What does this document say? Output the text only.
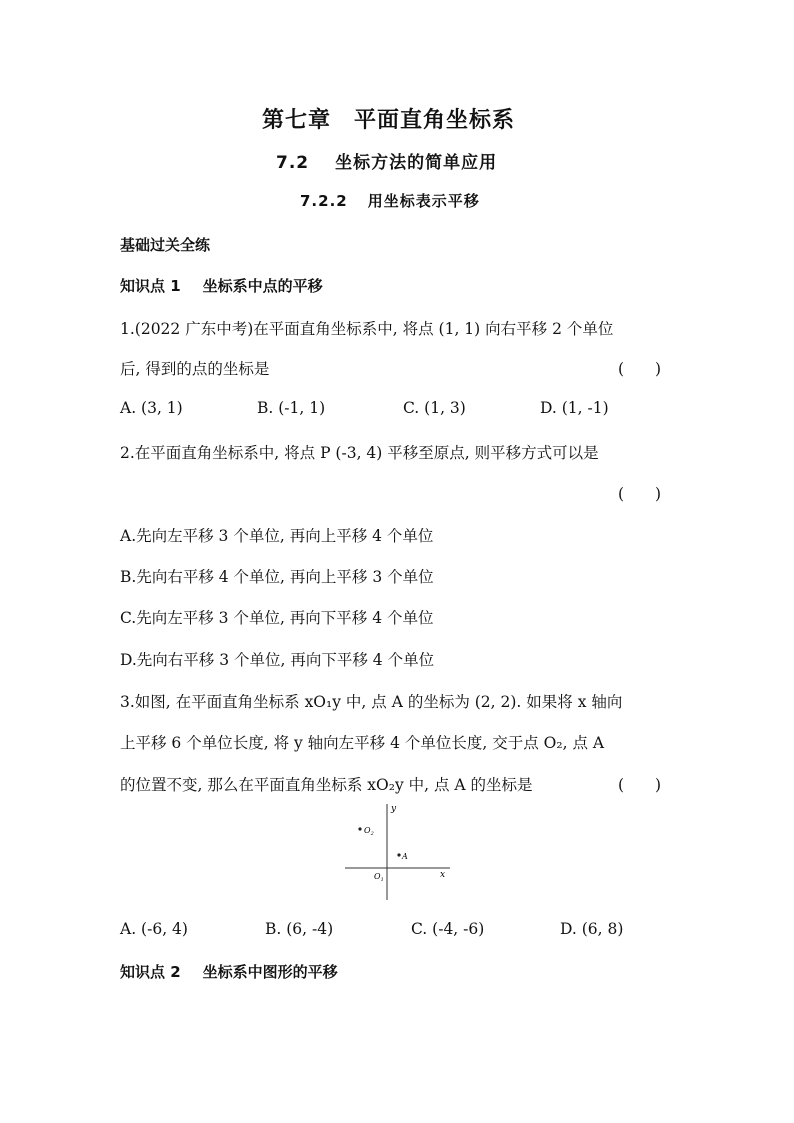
第七章　平面直角坐标系
7.2 坐标方法的简单应用
7.2.2 用坐标表示平移
基础过关全练
知识点 1 坐标系中点的平移
1.(2022 广东中考)在平面直角坐标系中, 将点 (1, 1) 向右平移 2 个单位
后, 得到的点的坐标是	(　　)
A. (3, 1)	B. (-1, 1)	C. (1, 3)	D. (1, -1)
2.在平面直角坐标系中, 将点 P (-3, 4) 平移至原点, 则平移方式可以是
(　　)
A.先向左平移 3 个单位, 再向上平移 4 个单位
B.先向右平移 4 个单位, 再向上平移 3 个单位
C.先向左平移 3 个单位, 再向下平移 4 个单位
D.先向右平移 3 个单位, 再向下平移 4 个单位
3.如图, 在平面直角坐标系 xO₁y 中, 点 A 的坐标为 (2, 2). 如果将 x 轴向
上平移 6 个单位长度, 将 y 轴向左平移 4 个单位长度, 交于点 O₂, 点 A
的位置不变, 那么在平面直角坐标系 xO₂y 中, 点 A 的坐标是	(　　)
y
x
$O_2$
A
$O_1$
A. (-6, 4)	B. (6, -4)	C. (-4, -6)	D. (6, 8)
知识点 2 坐标系中图形的平移
